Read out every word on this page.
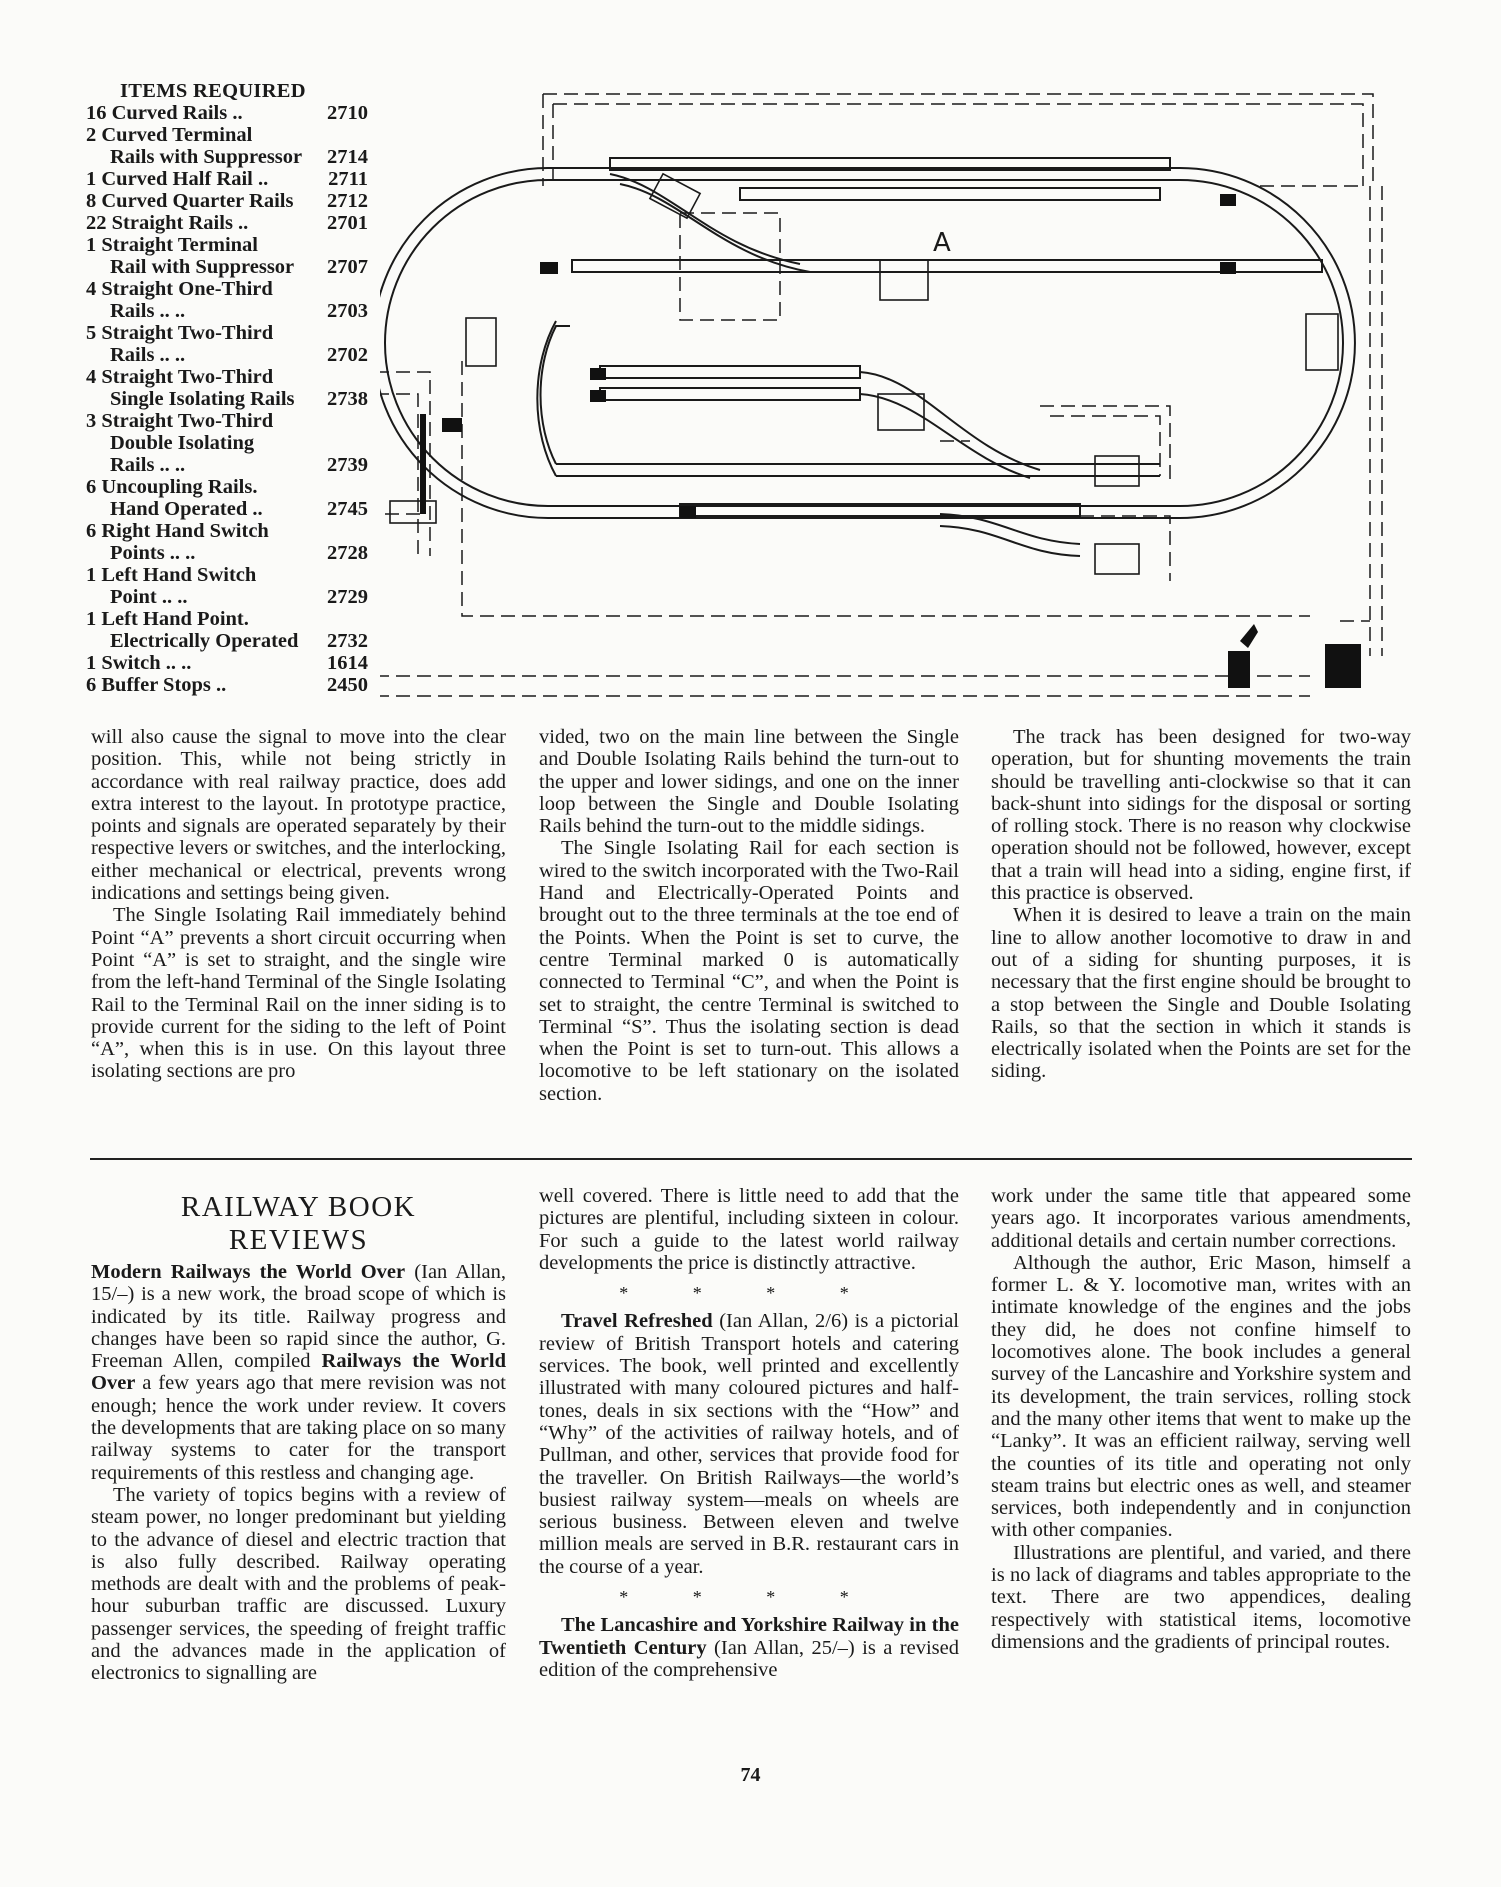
ITEMS REQUIRED
16 Curved Rails ..	2710
2 Curved Terminal
Rails with Suppressor 2714
1 Curved Half Rail ..	2711
8 Curved Quarter Rails 2712
22 Straight Rails ..	2701
1 Straight Terminal
Rail with Suppressor 2707
4 Straight One-Third
Rails .. ..	2703
5 Straight Two-Third
Rails .. ..	2702
4 Straight Two-Third
Single Isolating Rails 2738
3 Straight Two-Third
Double Isolating
Rails .. ..	2739
6 Uncoupling Rails.
Hand Operated ..	2745
6 Right Hand Switch
Points .. ..	2728
1 Left Hand Switch
Point .. ..	2729
1 Left Hand Point.
Electrically Operated 2732
1 Switch .. ..	1614
6 Buffer Stops ..	2450
A

will also cause the signal to move into the clear position. This, while not being strictly in accordance with real railway practice, does add extra interest to the layout. In prototype practice, points and signals are operated separately by their respective levers or switches, and the interlocking, either mechanical or electrical, prevents wrong indications and settings being given.

The Single Isolating Rail immediately behind Point “A” prevents a short circuit occurring when Point “A” is set to straight, and the single wire from the left-hand Terminal of the Single Isolating Rail to the Terminal Rail on the inner siding is to provide current for the siding to the left of Point “A”, when this is in use. On this layout three isolating sections are pro

vided, two on the main line between the Single and Double Isolating Rails behind the turn-out to the upper and lower sidings, and one on the inner loop between the Single and Double Isolating Rails behind the turn-out to the middle sidings.

The Single Isolating Rail for each section is wired to the switch incorporated with the Two-Rail Hand and Electrically-Operated Points and brought out to the three terminals at the toe end of the Points. When the Point is set to curve, the centre Terminal marked 0 is automatically connected to Terminal “C”, and when the Point is set to straight, the centre Terminal is switched to Terminal “S”. Thus the isolating section is dead when the Point is set to turn-out. This allows a locomotive to be left stationary on the isolated section.

The track has been designed for two-way operation, but for shunting movements the train should be travelling anti-clockwise so that it can back-shunt into sidings for the disposal or sorting of rolling stock. There is no reason why clockwise operation should not be followed, however, except that a train will head into a siding, engine first, if this practice is observed.

When it is desired to leave a train on the main line to allow another locomotive to draw in and out of a siding for shunting purposes, it is necessary that the first engine should be brought to a stop between the Single and Double Isolating Rails, so that the section in which it stands is electrically isolated when the Points are set for the siding.

RAILWAY BOOK
REVIEWS

Modern Railways the World Over (Ian Allan, 15/–) is a new work, the broad scope of which is indicated by its title. Railway progress and changes have been so rapid since the author, G. Freeman Allen, compiled Railways the World Over a few years ago that mere revision was not enough; hence the work under review. It covers the developments that are taking place on so many railway systems to cater for the transport requirements of this restless and changing age.

The variety of topics begins with a review of steam power, no longer predominant but yielding to the advance of diesel and electric traction that is also fully described. Railway operating methods are dealt with and the problems of peak-hour suburban traffic are discussed. Luxury passenger services, the speeding of freight traffic and the advances made in the application of electronics to signalling are

well covered. There is little need to add that the pictures are plentiful, including sixteen in colour. For such a guide to the latest world railway developments the price is distinctly attractive.

* * * *

Travel Refreshed (Ian Allan, 2/6) is a pictorial review of British Transport hotels and catering services. The book, well printed and excellently illustrated with many coloured pictures and half-tones, deals in six sections with the “How” and “Why” of the activities of railway hotels, and of Pullman, and other, services that provide food for the traveller. On British Railways—the world’s busiest railway system—meals on wheels are serious business. Between eleven and twelve million meals are served in B.R. restaurant cars in the course of a year.

* * * *

The Lancashire and Yorkshire Railway in the Twentieth Century (Ian Allan, 25/–) is a revised edition of the comprehensive

work under the same title that appeared some years ago. It incorporates various amendments, additional details and certain number corrections.

Although the author, Eric Mason, himself a former L. & Y. locomotive man, writes with an intimate knowledge of the engines and the jobs they did, he does not confine himself to locomotives alone. The book includes a general survey of the Lancashire and Yorkshire system and its development, the train services, rolling stock and the many other items that went to make up the “Lanky”. It was an efficient railway, serving well the counties of its title and operating not only steam trains but electric ones as well, and steamer services, both independently and in conjunction with other companies.

Illustrations are plentiful, and varied, and there is no lack of diagrams and tables appropriate to the text. There are two appendices, dealing respectively with statistical items, locomotive dimensions and the gradients of principal routes.

74
